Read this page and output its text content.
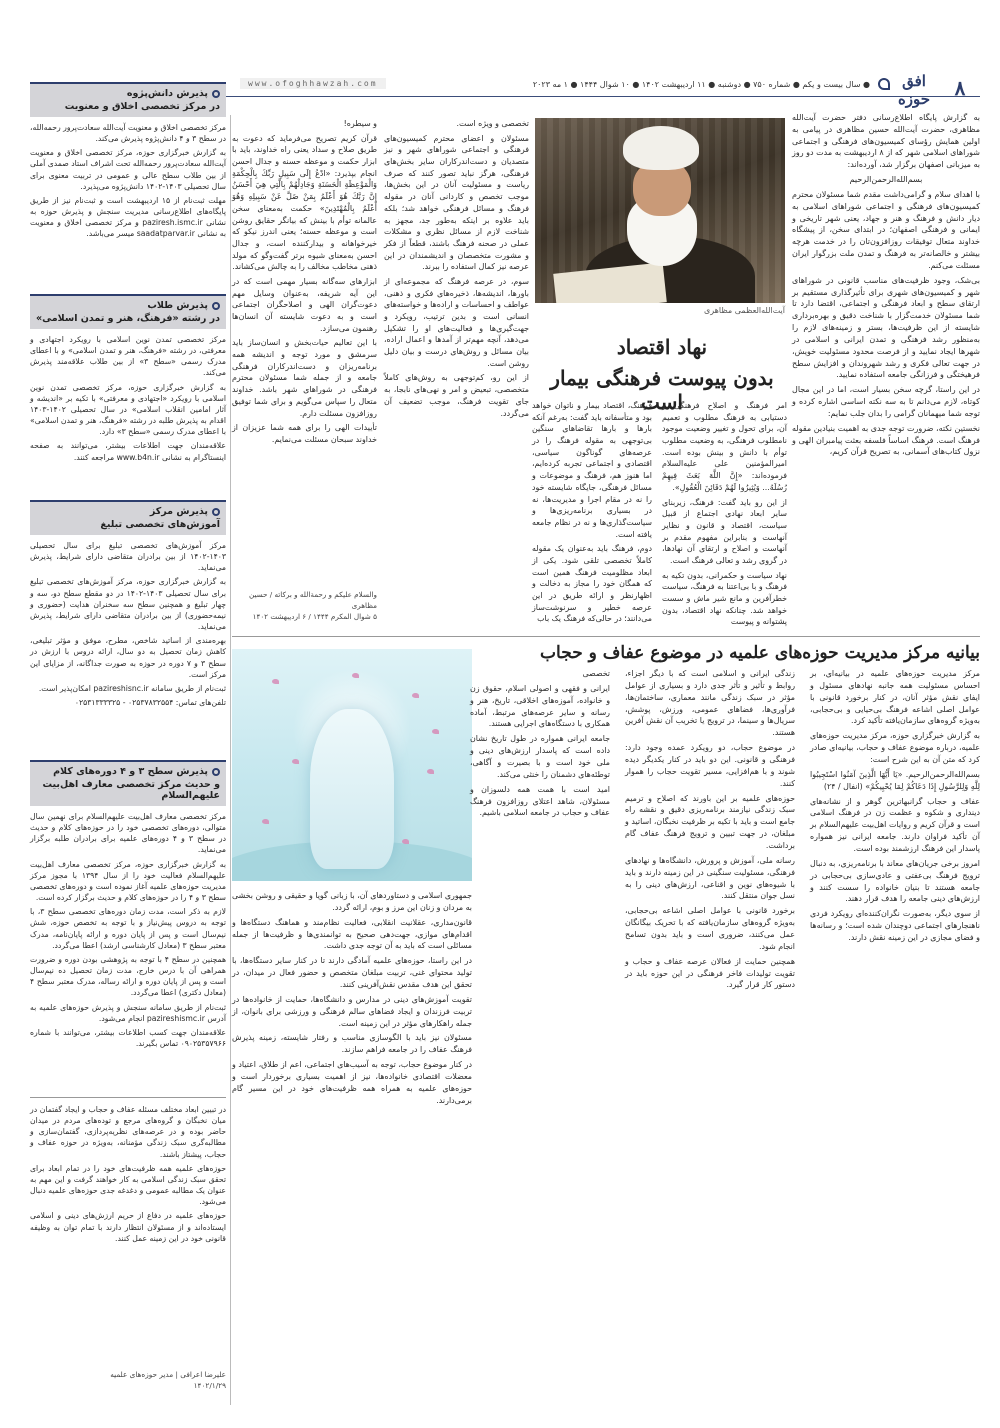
۸
افق حوزه
● سال بیست و یکم ● شماره ۷۵۰ ● دوشنبه ● ۱۱ اردیبهشت ۱۴۰۲ ● ۱۰ شوال ۱۴۴۴ ● ۱ مه ۲۰۲۳
www.ofoghhawzah.com
پذیرش دانش‌پژوه
در مرکز تخصصی اخلاق و معنویت

مرکز تخصصی اخلاق و معنویت آیت‌الله سعادت‌پرور رحمه‌الله، در سطح ۳ و ۴ دانش‌پژوه پذیرش می‌کند.

به گزارش خبرگزاری حوزه، مرکز تخصصی اخلاق و معنویت آیت‌الله سعادت‌پرور رحمه‌الله تحت اشراف استاد صمدی آملی از بین طلاب سطح عالی و عمومی در تربیت معنوی برای سال تحصیلی ۱۴۰۳-۱۴۰۲ دانش‌پژوه می‌پذیرد.

مهلت ثبت‌نام از ۱۵ اردیبهشت است و ثبت‌نام نیز از طریق پایگاه‌های اطلاع‌رسانی مدیریت سنجش و پذیرش حوزه به نشانی paziresh.ismc.ir و مرکز تخصصی اخلاق و معنویت به نشانی saadatparvar.ir میسر می‌باشد.

پذیرش طلاب
در رشته «فرهنگ، هنر و تمدن اسلامی»

مرکز تخصصی تمدن نوین اسلامی با رویکرد اجتهادی و معرفتی، در رشته «فرهنگ، هنر و تمدن اسلامی» و با اعطای مدرک رسمی «سطح ۳» از بین طلاب علاقه‌مند پذیرش می‌کند.

به گزارش خبرگزاری حوزه، مرکز تخصصی تمدن نوین اسلامی با رویکرد «اجتهادی و معرفتی» با تکیه بر «اندیشه و آثار امامین انقلاب اسلامی» در سال تحصیلی ۱۴۰۲-۱۴۰۳ اقدام به پذیرش طلبه در رشته «فرهنگ، هنر و تمدن اسلامی» با اعطای مدرک رسمی «سطح ۳» دارد.

علاقه‌مندان جهت اطلاعات بیشتر، می‌توانند به صفحه اینستاگرام به نشانی www.b4n.ir مراجعه کنند.

پذیرش مرکز
آموزش‌های تخصصی تبلیغ

مرکز آموزش‌های تخصصی تبلیغ برای سال تحصیلی ۱۴۰۳-۱۴۰۲ از بین برادران متقاضی دارای شرایط، پذیرش می‌نماید.

به گزارش خبرگزاری حوزه، مرکز آموزش‌های تخصصی تبلیغ برای سال تحصیلی ۱۴۰۳-۱۴۰۲ در دو مقطع سطح دو، سه و چهار تبلیغ و همچنین سطح سه سخنران هدایت (حضوری و نیمه‌حضوری) از بین برادران متقاضی دارای شرایط، پذیرش می‌نماید.

بهره‌مندی از اساتید شاخص، مطرح، موفق و مؤثر تبلیغی، کاهش زمان تحصیل به دو سال، ارائه دروس با ارزش در سطح ۳ و ۷ دوره در حوزه به صورت جداگانه، از مزایای این مرکز است.

ثبت‌نام از طریق سامانه pazireshisnc.ir امکان‌پذیر است.

تلفن‌های تماس: ۰۲۵۳۷۸۳۲۵۵۴ - ۰۲۵۳۱۳۳۳۳۲۵

پذیرش سطح ۳ و ۴ دوره‌های کلام
و حدیث مرکز تخصصی معارف اهل‌بیت علیهم‌السلام

مرکز تخصصی معارف اهل‌بیت علیهم‌السلام برای نهمین سال متوالی، دوره‌های تخصصی خود را در حوزه‌های کلام و حدیث در سطح ۳ و ۴ دوره‌های علمیه برای برادران طلبه برگزار می‌نماید.

به گزارش خبرگزاری حوزه، مرکز تخصصی معارف اهل‌بیت علیهم‌السلام فعالیت خود را از سال ۱۳۹۴ با مجوز مرکز مدیریت حوزه‌های علمیه آغاز نموده است و دوره‌های تخصصی سطح ۳ و ۴ را در حوزه‌های کلام و حدیث برگزار کرده است.

لازم به ذکر است، مدت زمان دوره‌های تخصصی سطح ۳، با توجه به دروس پیش‌نیاز و با توجه به تخصص حوزه، شش نیم‌سال است و پس از پایان دوره و ارائه پایان‌نامه، مدرک معتبر سطح ۳ (معادل کارشناسی ارشد) اعطا می‌گردد.

همچنین در سطح ۴ با توجه به پژوهشی بودن دوره و ضرورت همراهی آن با درس خارج، مدت زمان تحصیل ده نیم‌سال است و پس از پایان دوره و ارائه رساله، مدرک معتبر سطح ۴ (معادل دکتری) اعطا می‌گردد.

ثبت‌نام از طریق سامانه سنجش و پذیرش حوزه‌های علمیه به آدرس pazireshismc.ir انجام می‌شود.

علاقه‌مندان جهت کسب اطلاعات بیشتر، می‌توانند با شماره ۰۹۰۲۵۳۵۷۹۶۶ تماس بگیرند.

در تبیین ابعاد مختلف مسئله عفاف و حجاب و ایجاد گفتمان در میان نخبگان و گروه‌های مرجع و توده‌های مردم در میدان حاضر بوده و در عرصه‌های نظریه‌پردازی، گفتمان‌سازی و مطالبه‌گری سبک زندگی مؤمنانه، به‌ویژه در حوزه عفاف و حجاب، پیشتاز باشند.

حوزه‌های علمیه همه ظرفیت‌های خود را در تمام ابعاد برای تحقق سبک زندگی اسلامی به کار خواهند گرفت و این مهم به عنوان یک مطالبه عمومی و دغدغه جدی حوزه‌های علمیه دنبال می‌شود.

حوزه‌های علمیه در دفاع از حریم ارزش‌های دینی و اسلامی ایستاده‌اند و از مسئولان انتظار دارند با تمام توان به وظیفه قانونی خود در این زمینه عمل کنند.

علیرضا اعرافی | مدیر حوزه‌های علمیه
۱۴۰۲/۱/۲۹

به گزارش پایگاه اطلاع‌رسانی دفتر حضرت آیت‌الله مظاهری، حضرت آیت‌الله حسین مظاهری در پیامی به اولین همایش رؤسای کمیسیون‌های فرهنگی و اجتماعی شوراهای اسلامی شهر که از ۸ اردیبهشت به مدت دو روز به میزبانی اصفهان برگزار شد، آورده‌اند:

بسم‌الله‌الرحمن‌الرحیم

با اهدای سلام و گرامی‌داشت مقدم شما مسئولان محترم کمیسیون‌های فرهنگی و اجتماعی شوراهای اسلامی به دیار دانش و فرهنگ و هنر و جهاد، یعنی شهر تاریخی و ایمانی و فرهنگی اصفهان؛ در ابتدای سخن، از پیشگاه خداوند متعال توفیقات روزافزون‌تان را در خدمت هرچه بیشتر و خالصانه‌تر به فرهنگ و تمدن ملت بزرگوار ایران مسئلت می‌کنم.

بی‌شک، وجود ظرفیت‌های مناسب قانونی در شوراهای شهر و کمیسیون‌های شهری برای تأثیرگذاری مستقیم بر ارتقای سطح و ابعاد فرهنگی و اجتماعی، اقتضا دارد تا شما مسئولان خدمت‌گزار با شناخت دقیق و بهره‌برداری شایسته از این ظرفیت‌ها، بستر و زمینه‌های لازم را به‌منظور رشد فرهنگی و تمدن ایرانی و اسلامی در شهرها ایجاد نمایید و از فرصت محدود مسئولیت خویش، در جهت تعالی فکری و رشد شهروندان و افزایش سطح فرهیختگی و فرزانگی جامعه استفاده نمایید.

در این راستا، گرچه سخن بسیار است، اما در این مجال کوتاه، لازم می‌دانم تا به سه نکته اساسی اشاره کرده و توجه شما میهمانان گرامی را بدان جلب نمایم:

نخستین نکته، ضرورت توجه جدی به اهمیت بنیادین مقوله فرهنگ است. فرهنگ اساساً فلسفه بعثت پیامبران الهی و نزول کتاب‌های آسمانی، به تصریح قرآن کریم،

آیت‌الله‌العظمی مظاهری
نهاد اقتصاد
بدون پیوست فرهنگی بیمار است

امر فرهنگ و اصلاح فرهنگی و دستیابی به فرهنگ مطلوب و تعمیم آن، برای تحول و تغییر وضعیت موجود نامطلوب فرهنگی، به وضعیت مطلوب توأم با دانش و بینش بوده است. امیرالمؤمنین علی علیه‌السلام فرموده‌اند: «إِنَّ اللَّهَ بَعَثَ فِیهِمْ رُسُلَهُ... وَيُثِیرُوا لَهُمْ دَفَائِنَ الْعُقُولِ».

از این رو باید گفت: فرهنگ، زیربنای سایر ابعاد نهادی اجتماع از قبیل سیاست، اقتصاد و قانون و نظایر آنهاست و بنابراین مفهوم مقدم بر آنهاست و اصلاح و ارتقای آن نهادها، در گروی رشد و تعالی فرهنگ است.

نهاد سیاست و حکمرانی، بدون تکیه به فرهنگ و با بی‌اعتنا به فرهنگ، سیاست خطرآفرین و مانع شیر ماش و سست خواهد شد. چنانکه نهاد اقتصاد، بدون پشتوانه و پیوست

فرهنگ، اقتصاد بیمار و ناتوان خواهد بود و متأسفانه باید گفت: به‌رغم آنکه بارها و بارها تقاضاهای سنگین بی‌توجهی به مقوله فرهنگ را در عرصه‌های گوناگون سیاسی، اقتصادی و اجتماعی تجربه کرده‌ایم، اما هنوز هم، فرهنگ و موضوعات و مسائل فرهنگی، جایگاه شایسته خود را نه در مقام اجرا و مدیریت‌ها، نه در بسیاری برنامه‌ریزی‌ها و سیاست‌گذاری‌ها و نه در نظام جامعه یافته است.

دوم، فرهنگ باید به‌عنوان یک مقوله کاملاً تخصصی تلقی شود. یکی از ابعاد مظلومیت فرهنگ همین است که همگان خود را مجاز به دخالت و اظهارنظر و ارائه طریق در این عرصه خطیر و سرنوشت‌ساز می‌دانند؛ در حالی‌که فرهنگ یک باب

تخصصی و ویژه است.

مسئولان و اعضای محترم کمیسیون‌های فرهنگی و اجتماعی شوراهای شهر و نیز متصدیان و دست‌اندرکاران سایر بخش‌های فرهنگی، هرگز نباید تصور کنند که صرف ریاست و مسئولیت آنان در این بخش‌ها، موجب تخصص و کاردانی آنان در مقوله فرهنگ و مسائل فرهنگی خواهد شد؛ بلکه باید علاوه بر اینکه به‌طور جد، مجهز به شناخت لازم از مسائل نظری و مشکلات عملی در صحنه فرهنگ باشند، قطعاً از فکر و مشورت متخصصان و اندیشمندان در این عرصه نیز کمال استفاده را ببرند.

سوم، در عرصه فرهنگ که مجموعه‌ای از باورها، اندیشه‌ها، ذخیره‌های فکری و ذهنی، عواطف و احساسات و اراده‌ها و خواسته‌های انسانی است و بدین ترتیب، رویکرد و جهت‌گیری‌ها و فعالیت‌های او را تشکیل می‌دهد، آنچه مهم‌تر از آمدها و اعمال اراده، بیان مسائل و روش‌های درست و بیان دلیل روشن است.

از این رو، کم‌توجهی به روش‌های کاملاً متخصصی، تبعیض و امر و نهی‌های نابجا، به جای تقویت فرهنگ، موجب تضعیف آن می‌گردد.

و سیطره!

قرآن کریم تصریح می‌فرماید که دعوت به طریق صلاح و سداد یعنی راه خداوند، باید با ابزار حکمت و موعظه حسنه و جدال احسن انجام بپذیرد: «ادْعُ إِلَى سَبِيلِ رَبِّكَ بِالْحِكْمَةِ وَالْمَوْعِظَةِ الْحَسَنَةِ وَجَادِلْهُمْ بِالَّتِي هِيَ أَحْسَنُ إِنَّ رَبَّكَ هُوَ أَعْلَمُ بِمَنْ ضَلَّ عَنْ سَبِيلِهِ وَهُوَ أَعْلَمُ بِالْمُهْتَدِينَ» حکمت به‌معنای سخن عالمانه توأم با بینش که بیانگر حقایق روشن است و موعظه حسنه؛ یعنی اندرز نیکو که خیرخواهانه و بیدارکننده است، و جدال احسن به‌معنای شیوه برتر گفت‌وگو که مولد ذهنی مخاطب مخالف را به چالش می‌کشاند.

ابزارهای سه‌گانه بسیار مهمی است که در این آیه شریفه، به‌عنوان وسایل مهم دعوت‌گران الهی و اصلاحگران اجتماعی است و به دعوت شایسته آن انسان‌ها رهنمون می‌سازد.

با این تعالیم حیات‌بخش و انسان‌ساز باید سرمشق و مورد توجه و اندیشه همه برنامه‌ریزان و دست‌اندرکاران فرهنگی جامعه و از جمله شما مسئولان محترم فرهنگی در شوراهای شهر باشد. خداوند متعال را سپاس می‌گویم و برای شما توفیق روزافزون مسئلت دارم.

تأییدات الهی را برای همه شما عزیزان از خداوند سبحان مسئلت می‌نمایم.

والسلام علیکم و رحمةالله و برکاته / حسین مظاهری
۵ شوال المکرم ۱۴۴۴ / ۶ اردیبهشت ۱۴۰۲
بیانیه مرکز مدیریت حوزه‌های علمیه در موضوع عفاف و حجاب

مرکز مدیریت حوزه‌های علمیه در بیانیه‌ای، بر احساس مسئولیت همه جانبه نهادهای مسئول و ایفای نقش مؤثر آنان، در کنار برخورد قانونی با عوامل اصلی اشاعه فرهنگ بی‌حیایی و بی‌حجابی، به‌ویژه گروه‌های سازمان‌یافته تأکید کرد.

به گزارش خبرگزاری حوزه، مرکز مدیریت حوزه‌های علمیه، درباره موضوع عفاف و حجاب، بیانیه‌ای صادر کرد که متن آن به این شرح است:

بسم‌الله‌الرحمن‌الرحیم. «يَا أَيُّهَا الَّذِينَ آمَنُوا اسْتَجِيبُوا لِلَّهِ وَلِلرَّسُولِ إِذَا دَعَاكُمْ لِمَا يُحْيِيكُمْ» (انفال / ۲۴)

عفاف و حجاب گرانبهاترین گوهر و از نشانه‌های دینداری و شکوه و عظمت زن در فرهنگ اسلامی است و قرآن کریم و روایات اهل‌بیت علیهم‌السلام بر آن تأکید فراوان دارند. جامعه ایرانی نیز همواره پاسدار این فرهنگ ارزشمند بوده است.

امروز برخی جریان‌های معاند با برنامه‌ریزی، به دنبال ترویج فرهنگ بی‌عفتی و عادی‌سازی بی‌حجابی در جامعه هستند تا بنیان خانواده را سست کنند و ارزش‌های دینی جامعه را هدف قرار دهند.

از سوی دیگر، به‌صورت نگران‌کننده‌ای رویکرد فردی ناهنجارهای اجتماعی دوچندان شده است؛ و رسانه‌ها و فضای مجازی در این زمینه نقش دارند.

زندگی ایرانی و اسلامی است که با دیگر اجزاء، روابط و تأثیر و تأثر جدی دارد و بسیاری از عوامل مؤثر در سبک زندگی مانند معماری، ساختمان‌ها، فرآوری‌ها، فضاهای عمومی، ورزش، پوشش، سریال‌ها و سینما، در ترویج یا تخریب آن نقش آفرین هستند.

در موضوع حجاب، دو رویکرد عمده وجود دارد: فرهنگی و قانونی. این دو باید در کنار یکدیگر دیده شوند و با هم‌افزایی، مسیر تقویت حجاب را هموار کنند.

حوزه‌های علمیه بر این باورند که اصلاح و ترمیم سبک زندگی نیازمند برنامه‌ریزی دقیق و نقشه راه جامع است و باید با تکیه بر ظرفیت نخبگان، اساتید و مبلغان، در جهت تبیین و ترویج فرهنگ عفاف گام برداشت.

رسانه ملی، آموزش و پرورش، دانشگاه‌ها و نهادهای فرهنگی، مسئولیت سنگینی در این زمینه دارند و باید با شیوه‌های نوین و اقناعی، ارزش‌های دینی را به نسل جوان منتقل کنند.

برخورد قانونی با عوامل اصلی اشاعه بی‌حجابی، به‌ویژه گروه‌های سازمان‌یافته که با تحریک بیگانگان عمل می‌کنند، ضروری است و باید بدون تسامح انجام شود.

همچنین حمایت از فعالان عرصه عفاف و حجاب و تقویت تولیدات فاخر فرهنگی در این حوزه باید در دستور کار قرار گیرد.

تخصصی

ایرانی و فقهی و اصولی اسلام، حقوق زن و خانواده، آموزه‌های اخلاقی، تاریخ، هنر و رسانه و سایر عرصه‌های مرتبط، آماده همکاری با دستگاه‌های اجرایی هستند.

جامعه ایرانی همواره در طول تاریخ نشان داده است که پاسدار ارزش‌های دینی و ملی خود است و با بصیرت و آگاهی، توطئه‌های دشمنان را خنثی می‌کند.

امید است با همت همه دلسوزان و مسئولان، شاهد اعتلای روزافزون فرهنگ عفاف و حجاب در جامعه اسلامی باشیم.

جمهوری اسلامی و دستاوردهای آن، با زبانی گویا و حقیقی و روشن بخشی به مردان و زنان این مرز و بوم، ارائه گردد.

قانون‌مداری، عقلانیت انقلابی، فعالیت نظام‌مند و هماهنگ دستگاه‌ها و اقدام‌های موازی، جهت‌دهی صحیح به توانمندی‌ها و ظرفیت‌ها از جمله مسائلی است که باید به آن توجه جدی داشت.

در این راستا، حوزه‌های علمیه آمادگی دارند تا در کنار سایر دستگاه‌ها، با تولید محتوای غنی، تربیت مبلغان متخصص و حضور فعال در میدان، در تحقق این هدف مقدس نقش‌آفرینی کنند.

تقویت آموزش‌های دینی در مدارس و دانشگاه‌ها، حمایت از خانواده‌ها در تربیت فرزندان و ایجاد فضاهای سالم فرهنگی و ورزشی برای بانوان، از جمله راهکارهای مؤثر در این زمینه است.

مسئولان نیز باید با الگوسازی مناسب و رفتار شایسته، زمینه پذیرش فرهنگ عفاف را در جامعه فراهم سازند.

در کنار موضوع حجاب، توجه به آسیب‌های اجتماعی، اعم از طلاق، اعتیاد و معضلات اقتصادی خانواده‌ها، نیز از اهمیت بسیاری برخوردار است و حوزه‌های علمیه به همراه همه ظرفیت‌های خود در این مسیر گام برمی‌دارند.
